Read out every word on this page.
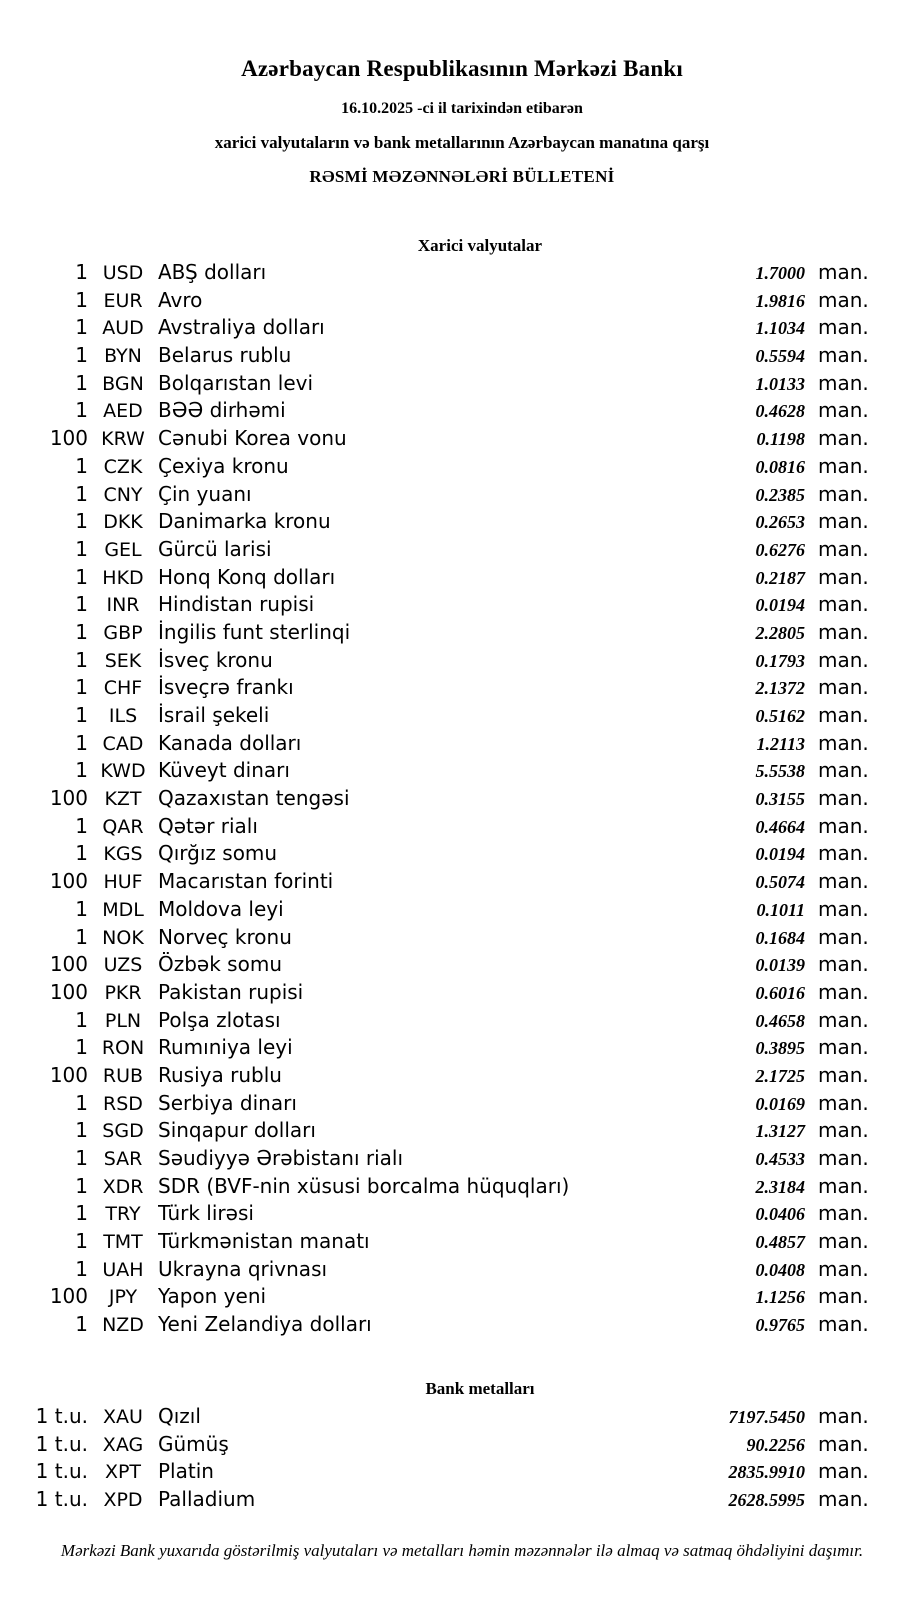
Azərbaycan Respublikasının Mərkəzi Bankı

16.10.2025 -ci il tarixindən etibarən

xarici valyutaların və bank metallarının Azərbaycan manatına qarşı

RƏSMİ MƏZƏNNƏLƏRİ BÜLLETENİ

Xarici valyutalar
1 USD ABŞ dolları	1.7000 man.
1 EUR Avro	1.9816 man.
1 AUD Avstraliya dolları	1.1034 man.
1 BYN Belarus rublu	0.5594 man.
1 BGN Bolqarıstan levi	1.0133 man.
1 AED BƏƏ dirhəmi	0.4628 man.
100 KRW Cənubi Korea vonu	0.1198 man.
1 CZK Çexiya kronu	0.0816 man.
1 CNY Çin yuanı	0.2385 man.
1 DKK Danimarka kronu	0.2653 man.
1 GEL Gürcü larisi	0.6276 man.
1 HKD Honq Konq dolları	0.2187 man.
1 INR Hindistan rupisi	0.0194 man.
1 GBP İngilis funt sterlinqi	2.2805 man.
1 SEK İsveç kronu	0.1793 man.
1 CHF İsveçrə frankı	2.1372 man.
1	ILS	İsrail şekeli	0.5162 man.
1 CAD Kanada dolları	1.2113 man.
1 KWD Küveyt dinarı	5.5538 man.
100 KZT Qazaxıstan tengəsi	0.3155 man.
1 QAR Qətər rialı	0.4664 man.
1 KGS Qırğız somu	0.0194 man.
100 HUF Macarıstan forinti	0.5074 man.
1 MDL Moldova leyi	0.1011 man.
1 NOK Norveç kronu	0.1684 man.
100 UZS Özbək somu	0.0139 man.
100 PKR Pakistan rupisi	0.6016 man.
1 PLN Polşa zlotası	0.4658 man.
1 RON Rumıniya leyi	0.3895 man.
100 RUB Rusiya rublu	2.1725 man.
1 RSD Serbiya dinarı	0.0169 man.
1 SGD Sinqapur dolları	1.3127 man.
1 SAR Səudiyyə Ərəbistanı rialı	0.4533 man.
1 XDR SDR (BVF-nin xüsusi borcalma hüquqları)	2.3184 man.
1 TRY Türk lirəsi	0.0406 man.
1 TMT Türkmənistan manatı	0.4857 man.
1 UAH Ukrayna qrivnası	0.0408 man.
100	JPY	Yapon yeni	1.1256 man.
1 NZD Yeni Zelandiya dolları	0.9765 man.
Bank metalları
1 t.u. XAU Qızıl	7197.5450 man.
1 t.u. XAG Gümüş	90.2256 man.
1 t.u. XPT Platin	2835.9910 man.
1 t.u. XPD Palladium	2628.5995 man.

Mərkəzi Bank yuxarıda göstərilmiş valyutaları və metalları həmin məzənnələr ilə almaq və satmaq öhdəliyini daşımır.
